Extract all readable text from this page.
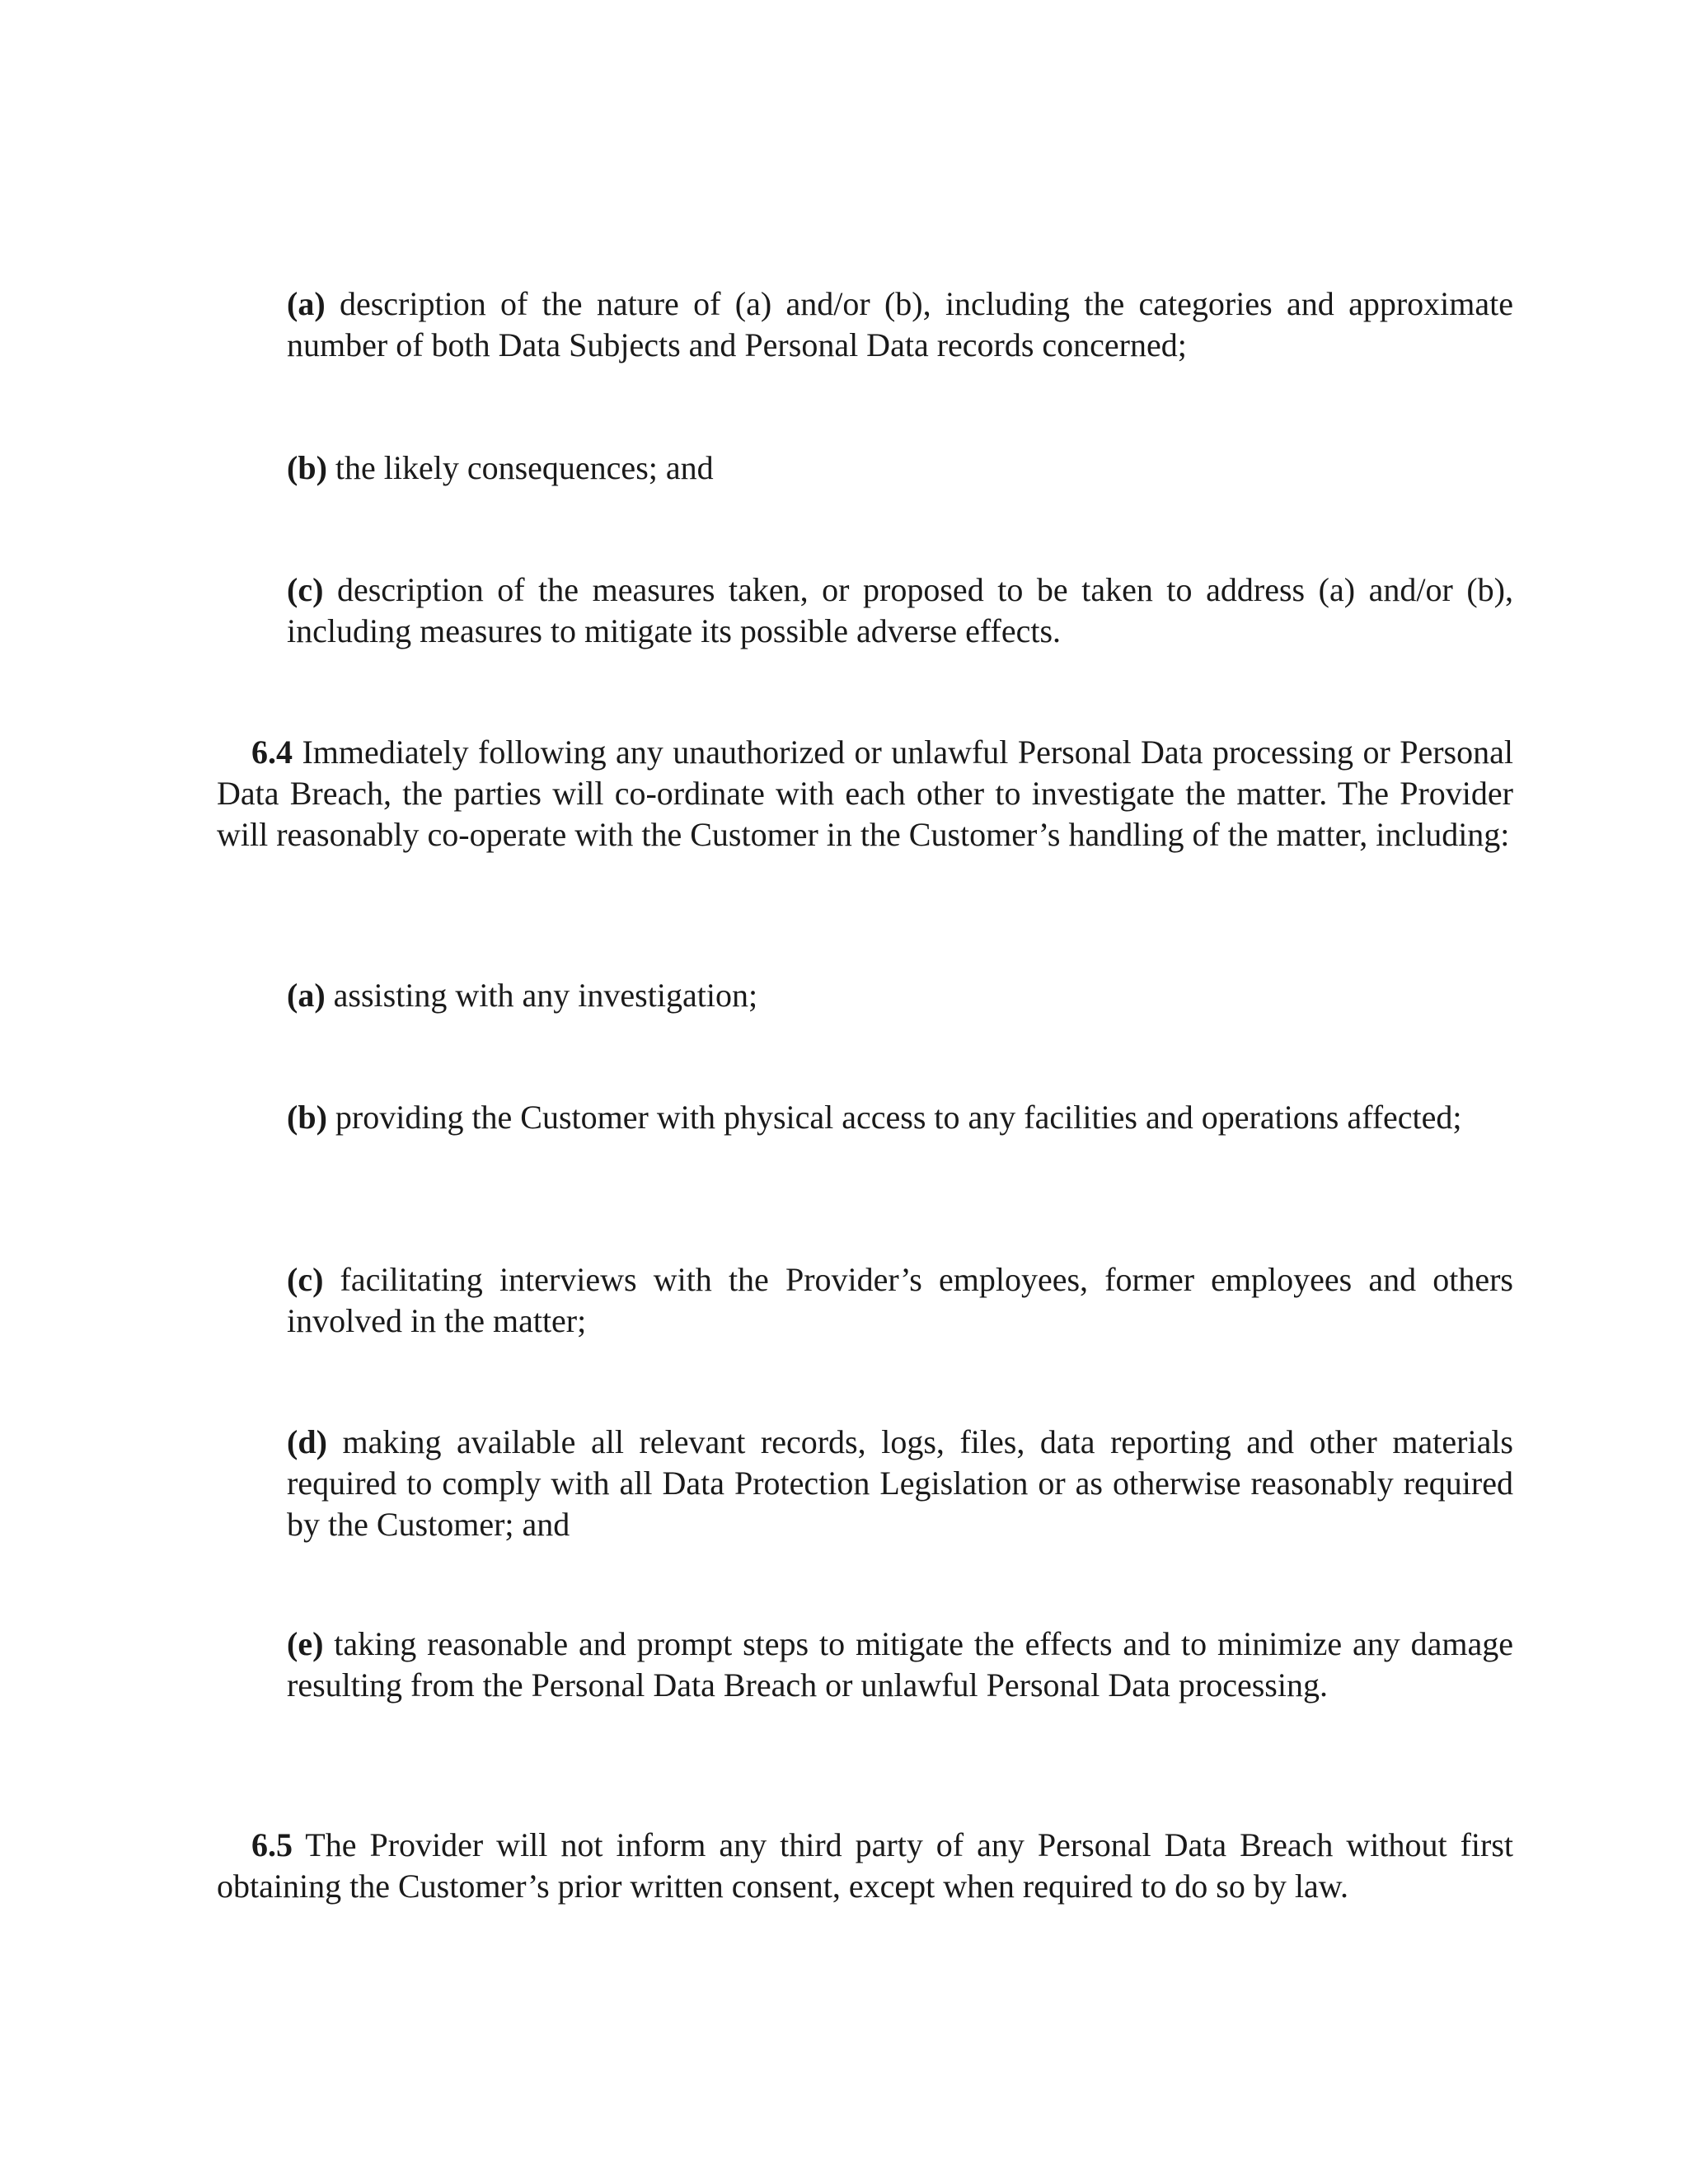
(a) description of the nature of (a) and/or (b), including the categories and approximate number of both Data Subjects and Personal Data records concerned;

(b) the likely consequences; and

(c) description of the measures taken, or proposed to be taken to address (a) and/or (b), including measures to mitigate its possible adverse effects.

6.4 Immediately following any unauthorized or unlawful Personal Data processing or Personal Data Breach, the parties will co-ordinate with each other to investigate the matter. The Provider will reasonably co-operate with the Customer in the Customer’s handling of the matter, including:

(a) assisting with any investigation;

(b) providing the Customer with physical access to any facilities and operations affected;

(c) facilitating interviews with the Provider’s employees, former employees and others involved in the matter;

(d) making available all relevant records, logs, files, data reporting and other materials required to comply with all Data Protection Legislation or as otherwise reasonably required by the Customer; and

(e) taking reasonable and prompt steps to mitigate the effects and to minimize any damage resulting from the Personal Data Breach or unlawful Personal Data processing.

6.5 The Provider will not inform any third party of any Personal Data Breach without first obtaining the Customer’s prior written consent, except when required to do so by law.
